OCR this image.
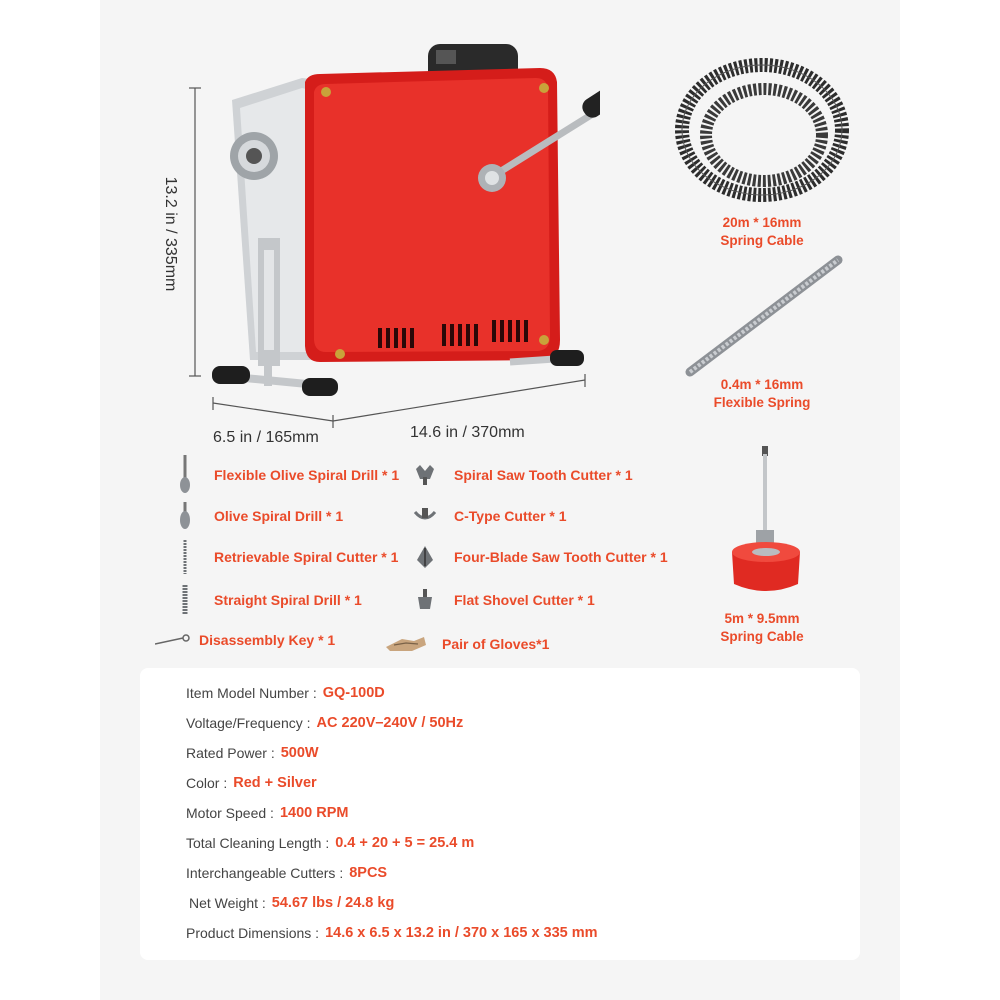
13.2 in / 335mm
6.5 in / 165mm	14.6 in / 370mm
20m * 16mm
Spring Cable
0.4m * 16mm
Flexible Spring
5m * 9.5mm
Spring Cable
Flexible Olive Spiral Drill * 1
Olive Spiral Drill * 1
Retrievable Spiral Cutter * 1
Straight Spiral Drill * 1
Disassembly Key * 1
Spiral Saw Tooth Cutter * 1
C-Type Cutter * 1
Four-Blade Saw Tooth Cutter * 1
Flat Shovel Cutter * 1
Pair of Gloves*1
Item Model Number : GQ-100D
Voltage/Frequency : AC 220V–240V / 50Hz
Rated Power : 500W
Color : Red + Silver
Motor Speed : 1400 RPM
Total Cleaning Length : 0.4 + 20 + 5 = 25.4 m
Interchangeable Cutters : 8PCS
Net Weight : 54.67 lbs / 24.8 kg
Product Dimensions : 14.6 x 6.5 x 13.2 in / 370 x 165 x 335 mm
